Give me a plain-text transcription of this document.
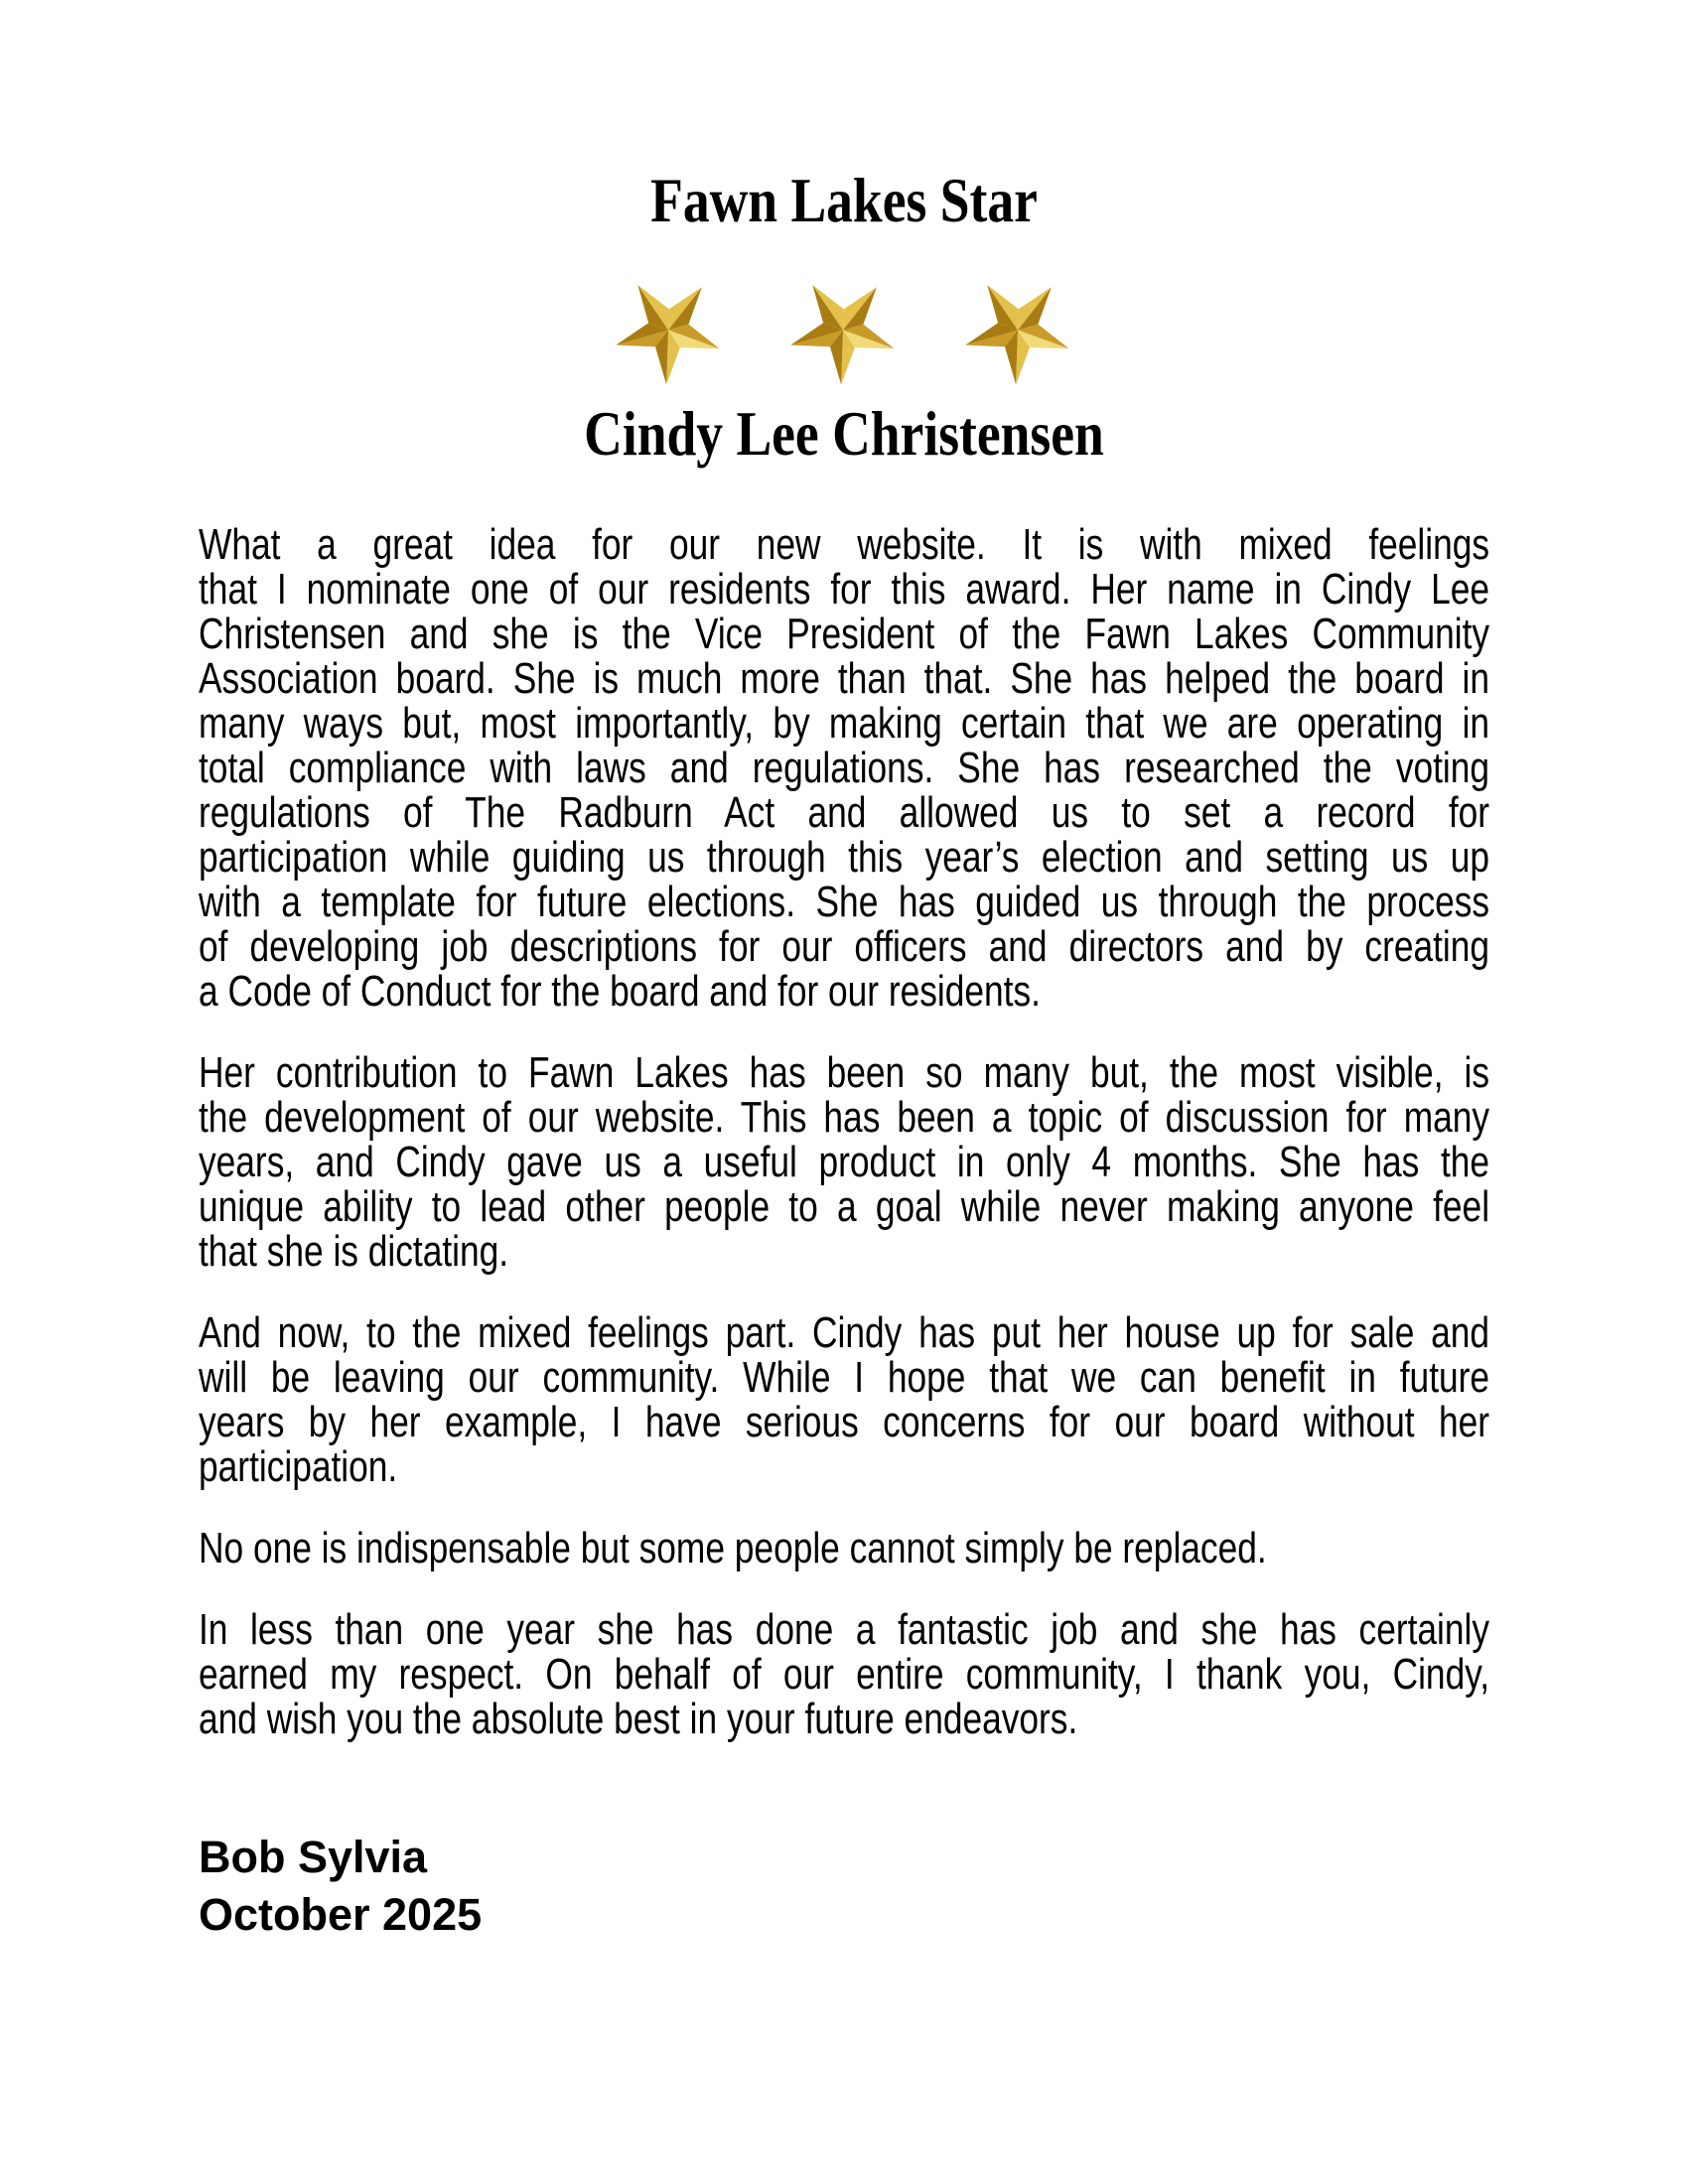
Fawn Lakes Star
Cindy Lee Christensen
What a great idea for our new website. It is with mixed feelings
that I nominate one of our residents for this award. Her name in Cindy Lee
Christensen and she is the Vice President of the Fawn Lakes Community
Association board. She is much more than that. She has helped the board in
many ways but, most importantly, by making certain that we are operating in
total compliance with laws and regulations. She has researched the voting
regulations of The Radburn Act and allowed us to set a record for
participation while guiding us through this year’s election and setting us up
with a template for future elections. She has guided us through the process
of developing job descriptions for our officers and directors and by creating
a Code of Conduct for the board and for our residents.
Her contribution to Fawn Lakes has been so many but, the most visible, is
the development of our website. This has been a topic of discussion for many
years, and Cindy gave us a useful product in only 4 months. She has the
unique ability to lead other people to a goal while never making anyone feel
that she is dictating.
And now, to the mixed feelings part. Cindy has put her house up for sale and
will be leaving our community. While I hope that we can benefit in future
years by her example, I have serious concerns for our board without her
participation.
No one is indispensable but some people cannot simply be replaced.
In less than one year she has done a fantastic job and she has certainly
earned my respect. On behalf of our entire community, I thank you, Cindy,
and wish you the absolute best in your future endeavors.
Bob Sylvia
October 2025
